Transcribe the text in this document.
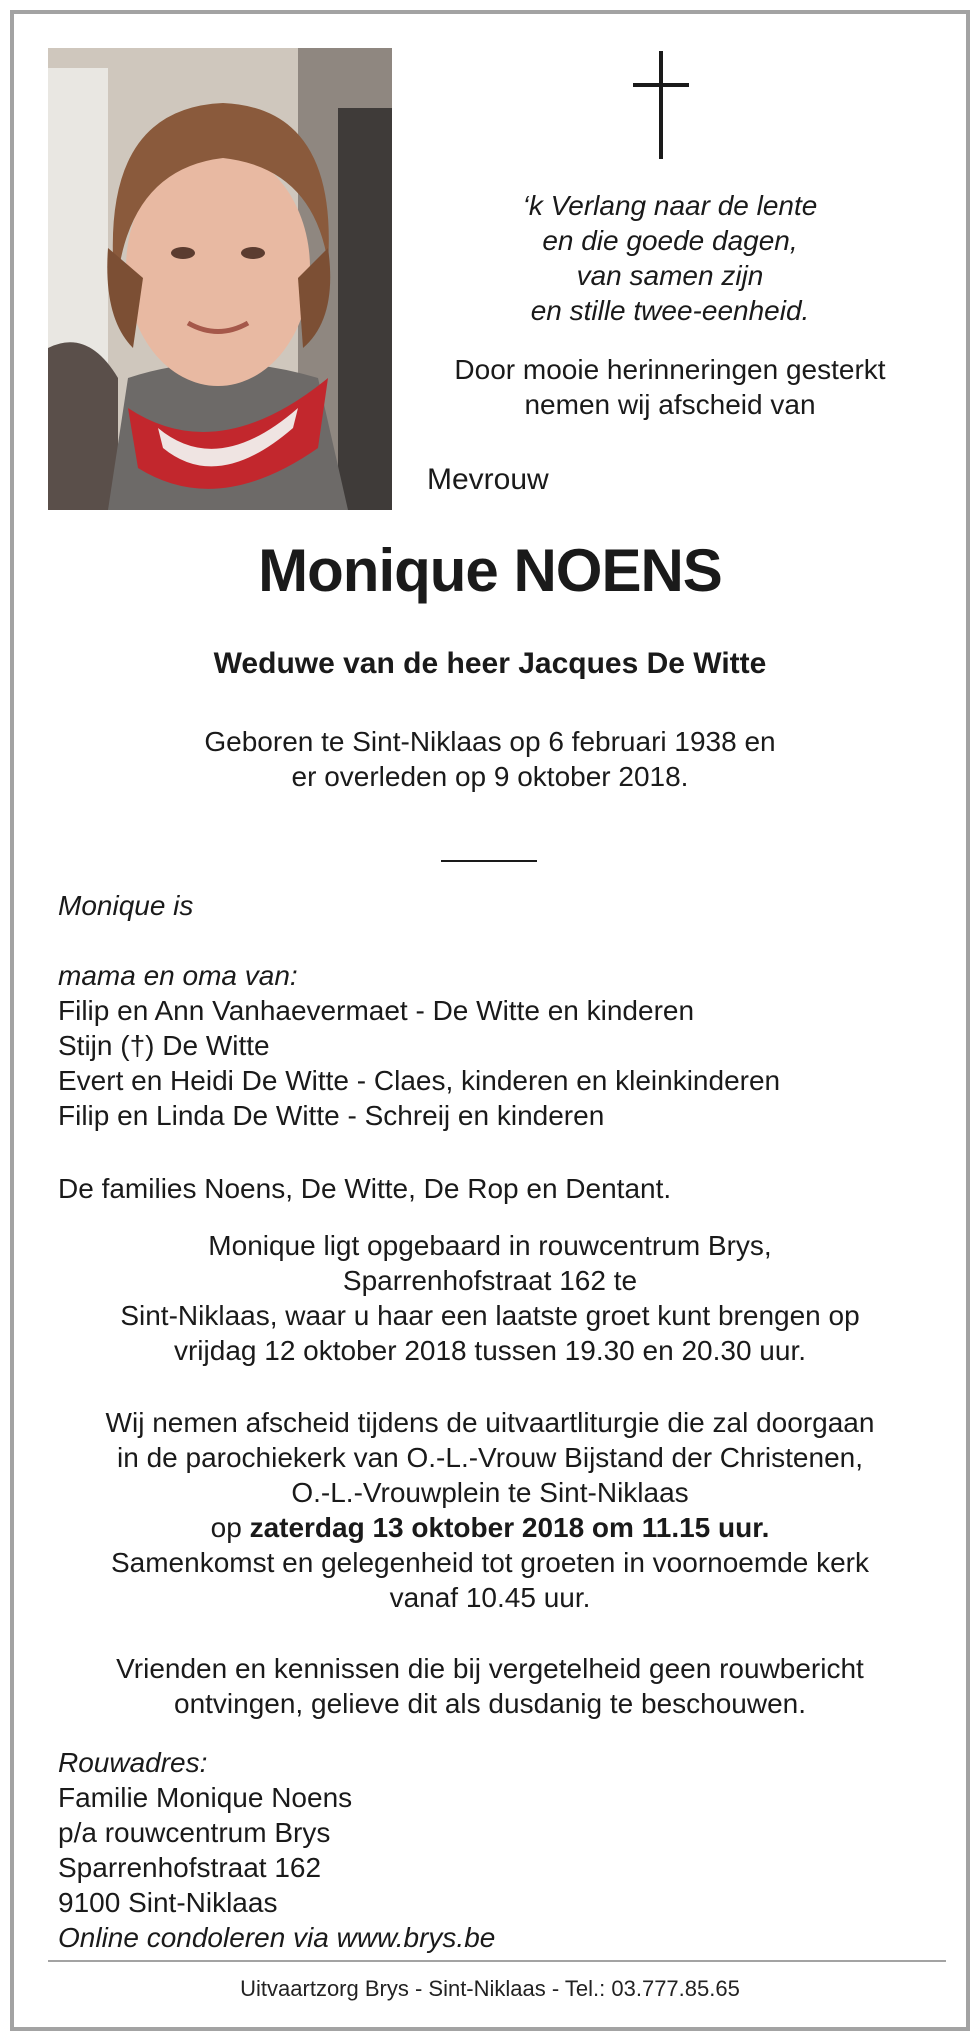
‘k Verlang naar de lente
en die goede dagen,
van samen zijn
en stille twee-eenheid.
Door mooie herinneringen gesterkt
nemen wij afscheid van
Mevrouw
Monique NOENS
Weduwe van de heer Jacques De Witte
Geboren te Sint-Niklaas op 6 februari 1938 en
er overleden op 9 oktober 2018.
Monique is
mama en oma van:
Filip en Ann Vanhaevermaet - De Witte en kinderen
Stijn (†) De Witte
Evert en Heidi De Witte - Claes, kinderen en kleinkinderen
Filip en Linda De Witte - Schreij en kinderen
De families Noens, De Witte, De Rop en Dentant.
Monique ligt opgebaard in rouwcentrum Brys,
Sparrenhofstraat 162 te
Sint-Niklaas, waar u haar een laatste groet kunt brengen op
vrijdag 12 oktober 2018 tussen 19.30 en 20.30 uur.
Wij nemen afscheid tijdens de uitvaartliturgie die zal doorgaan
in de parochiekerk van O.-L.-Vrouw Bijstand der Christenen,
O.-L.-Vrouwplein te Sint-Niklaas
op zaterdag 13 oktober 2018 om 11.15 uur.
Samenkomst en gelegenheid tot groeten in voornoemde kerk
vanaf 10.45 uur.
Vrienden en kennissen die bij vergetelheid geen rouwbericht
ontvingen, gelieve dit als dusdanig te beschouwen.
Rouwadres:
Familie Monique Noens
p/a rouwcentrum Brys
Sparrenhofstraat 162
9100 Sint-Niklaas
Online condoleren via www.brys.be
Uitvaartzorg Brys - Sint-Niklaas - Tel.: 03.777.85.65
